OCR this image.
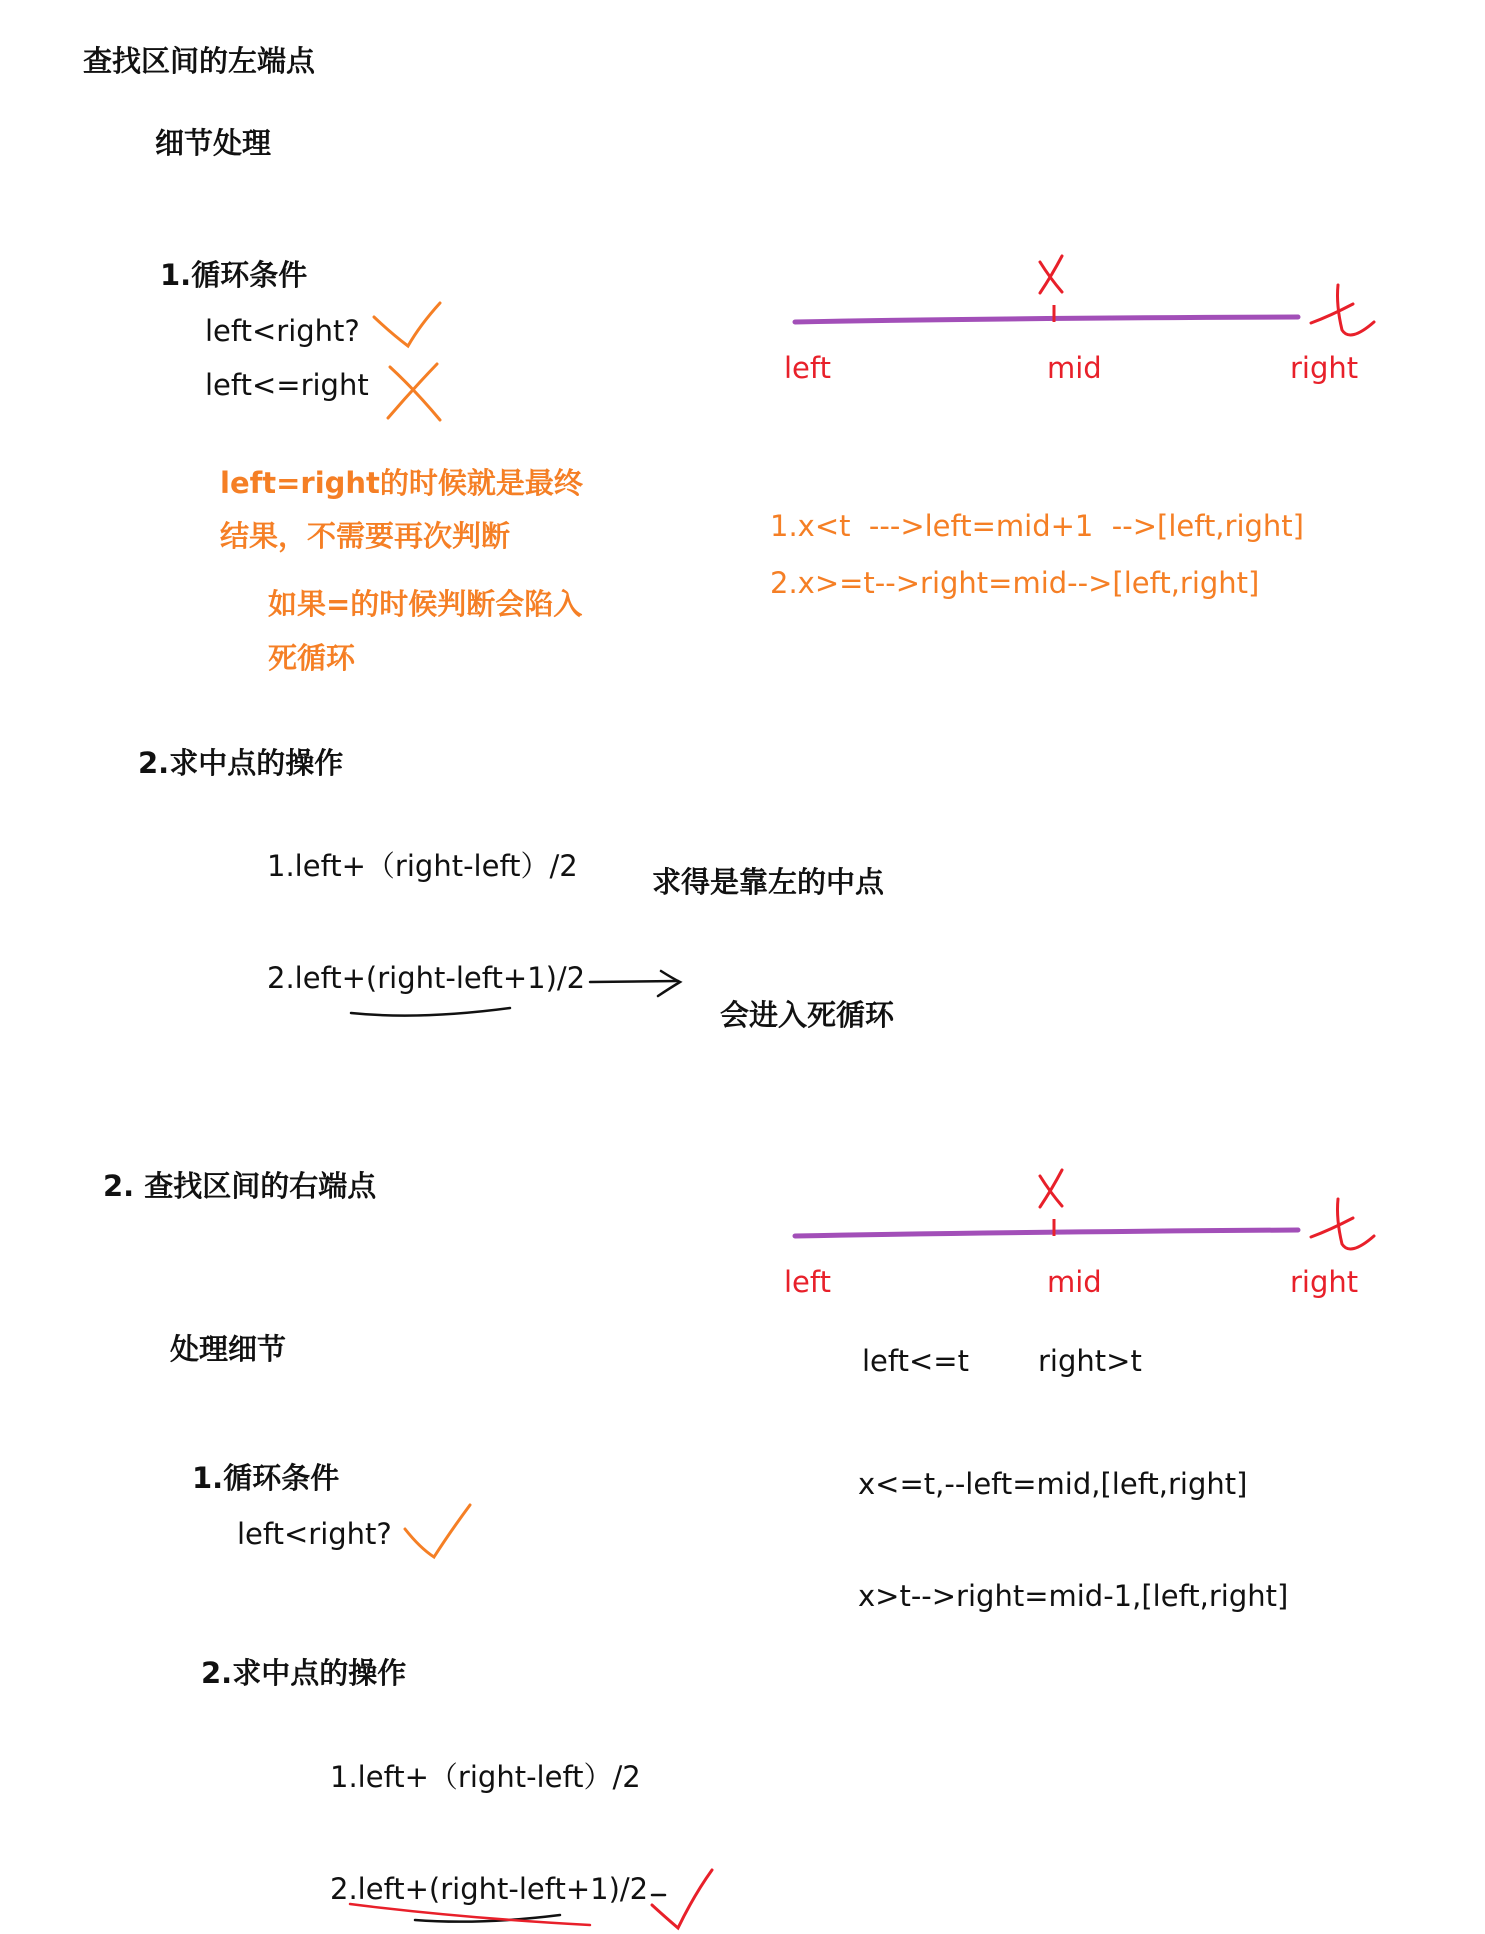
查找区间的左端点
细节处理
1.循环条件
left<right?
left<=right
left=right的时候就是最终
结果，不需要再次判断
如果=的时候判断会陷入
死循环
2.求中点的操作
1.left+（right-left）/2	求得是靠左的中点
2.left+(right-left+1)/2
会进入死循环
left	mid	right
1.x<t  --->left=mid+1  -->[left,right]
2.x>=t-->right=mid-->[left,right]
2. 查找区间的右端点
处理细节
1.循环条件
left<right?
2.求中点的操作
1.left+（right-left）/2
2.left+(right-left+1)/2
left	mid	right
left<=t right>t
x<=t,--left=mid,[left,right]
x>t-->right=mid-1,[left,right]
